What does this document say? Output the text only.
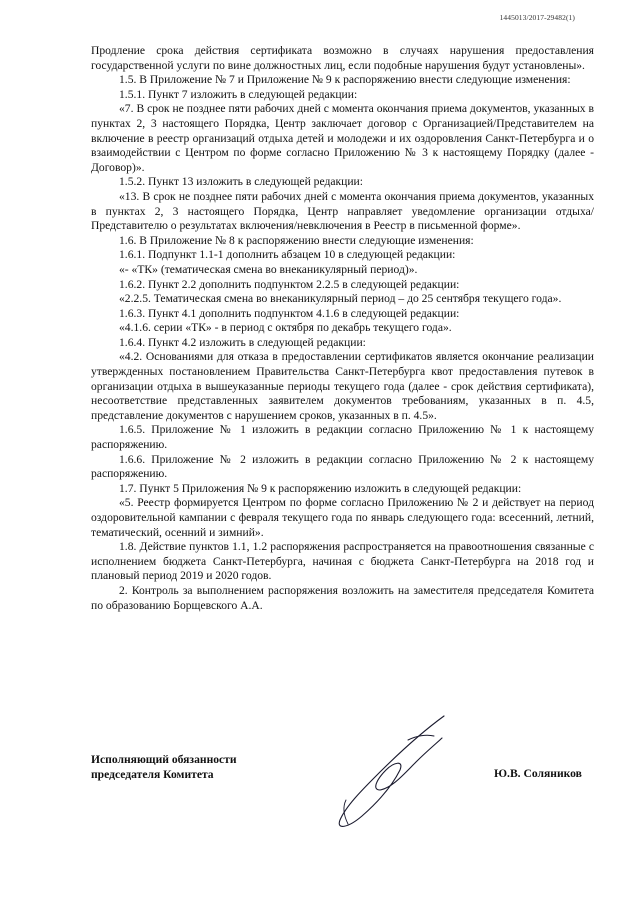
1445013/2017-29482(1)

Продление срока действия сертификата возможно в случаях нарушения предоставления государственной услуги по вине должностных лиц, если подобные нарушения будут установлены».

1.5. В Приложение № 7 и Приложение № 9 к распоряжению внести следующие изменения:

1.5.1. Пункт 7 изложить в следующей редакции:

«7. В срок не позднее пяти рабочих дней с момента окончания приема документов, указанных в пунктах 2, 3 настоящего Порядка, Центр заключает договор с Организацией/Представителем на включение в реестр организаций отдыха детей и молодежи и их оздоровления Санкт-Петербурга и о взаимодействии с Центром по форме согласно Приложению № 3 к настоящему Порядку (далее - Договор)».

1.5.2. Пункт 13 изложить в следующей редакции:

«13. В срок не позднее пяти рабочих дней с момента окончания приема документов, указанных в пунктах 2, 3 настоящего Порядка, Центр направляет уведомление организации отдыха/Представителю о результатах включения/невключения в Реестр в письменной форме».

1.6. В Приложение № 8 к распоряжению внести следующие изменения:

1.6.1. Подпункт 1.1-1 дополнить абзацем 10 в следующей редакции:

«- «ТК» (тематическая смена во внеканикулярный период)».

1.6.2. Пункт 2.2 дополнить подпунктом 2.2.5 в следующей редакции:

«2.2.5. Тематическая смена во внеканикулярный период – до 25 сентября текущего года».

1.6.3. Пункт 4.1 дополнить подпунктом 4.1.6 в следующей редакции:

«4.1.6. серии «ТК» - в период с октября по декабрь текущего года».

1.6.4. Пункт 4.2 изложить в следующей редакции:

«4.2. Основаниями для отказа в предоставлении сертификатов является окончание реализации утвержденных постановлением Правительства Санкт-Петербурга квот предоставления путевок в организации отдыха в вышеуказанные периоды текущего года (далее - срок действия сертификата), несоответствие представленных заявителем документов требованиям, указанных в п. 4.5, представление документов с нарушением сроков, указанных в п. 4.5».

1.6.5. Приложение № 1 изложить в редакции согласно Приложению № 1 к настоящему распоряжению.

1.6.6. Приложение № 2 изложить в редакции согласно Приложению № 2 к настоящему распоряжению.

1.7. Пункт 5 Приложения № 9 к распоряжению изложить в следующей редакции:

«5. Реестр формируется Центром по форме согласно Приложению № 2 и действует на период оздоровительной кампании с февраля текущего года по январь следующего года: всесенний, летний, тематический, осенний и зимний».

1.8. Действие пунктов 1.1, 1.2 распоряжения распространяется на правоотношения связанные с исполнением бюджета Санкт-Петербурга, начиная с бюджета Санкт-Петербурга на 2018 год и плановый период 2019 и 2020 годов.

2. Контроль за выполнением распоряжения возложить на заместителя председателя Комитета по образованию Борщевского А.А.

Исполняющий обязанности
председателя Комитета	Ю.В. Соляников
